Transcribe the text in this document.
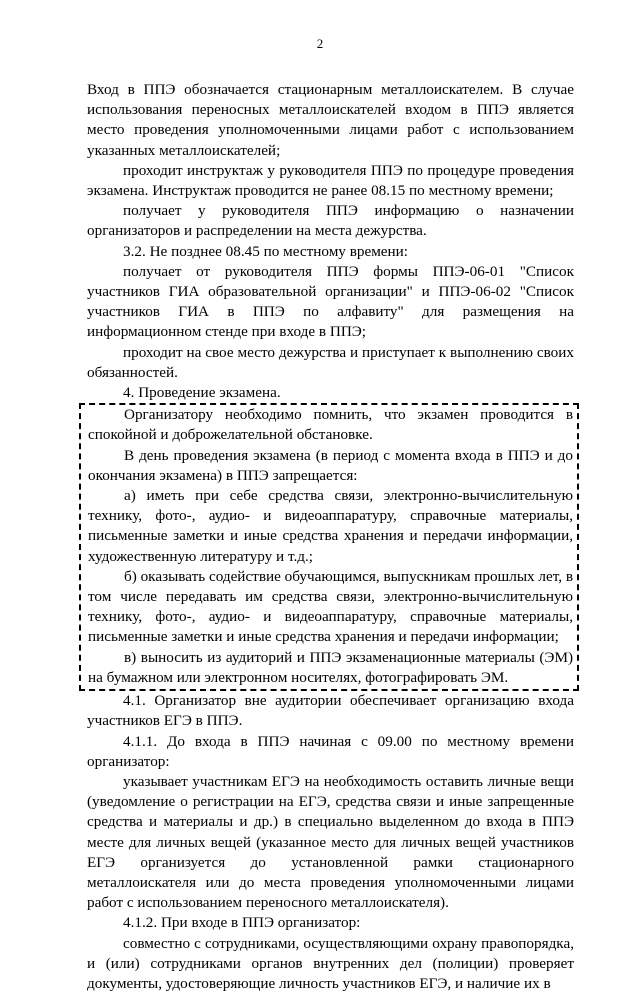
2

Вход в ППЭ обозначается стационарным металлоискателем. В случае использования переносных металлоискателей входом в ППЭ является место проведения уполномоченными лицами работ с использованием указанных металлоискателей;

проходит инструктаж у руководителя ППЭ по процедуре проведения экзамена. Инструктаж проводится не ранее 08.15 по местному времени;

получает у руководителя ППЭ информацию о назначении организаторов и распределении на места дежурства.

3.2. Не позднее 08.45 по местному времени:

получает от руководителя ППЭ формы ППЭ-06-01 "Список участников ГИА образовательной организации" и ППЭ-06-02 "Список участников ГИА в ППЭ по алфавиту" для размещения на информационном стенде при входе в ППЭ;

проходит на свое место дежурства и приступает к выполнению своих обязанностей.

4. Проведение экзамена.

Организатору необходимо помнить, что экзамен проводится в спокойной и доброжелательной обстановке.

В день проведения экзамена (в период с момента входа в ППЭ и до окончания экзамена) в ППЭ запрещается:

а) иметь при себе средства связи, электронно-вычислительную технику, фото-, аудио- и видеоаппаратуру, справочные материалы, письменные заметки и иные средства хранения и передачи информации, художественную литературу и т.д.;

б) оказывать содействие обучающимся, выпускникам прошлых лет, в том числе передавать им средства связи, электронно-вычислительную технику, фото-, аудио- и видеоаппаратуру, справочные материалы, письменные заметки и иные средства хранения и передачи информации;

в) выносить из аудиторий и ППЭ экзаменационные материалы (ЭМ) на бумажном или электронном носителях, фотографировать ЭМ.

4.1. Организатор вне аудитории обеспечивает организацию входа участников ЕГЭ в ППЭ.

4.1.1. До входа в ППЭ начиная с 09.00 по местному времени организатор:

указывает участникам ЕГЭ на необходимость оставить личные вещи (уведомление о регистрации на ЕГЭ, средства связи и иные запрещенные средства и материалы и др.) в специально выделенном до входа в ППЭ месте для личных вещей (указанное место для личных вещей участников ЕГЭ организуется до установленной рамки стационарного металлоискателя или до места проведения уполномоченными лицами работ с использованием переносного металлоискателя).

4.1.2. При входе в ППЭ организатор:

совместно с сотрудниками, осуществляющими охрану правопорядка, и (или) сотрудниками органов внутренних дел (полиции) проверяет документы, удостоверяющие личность участников ЕГЭ, и наличие их в
